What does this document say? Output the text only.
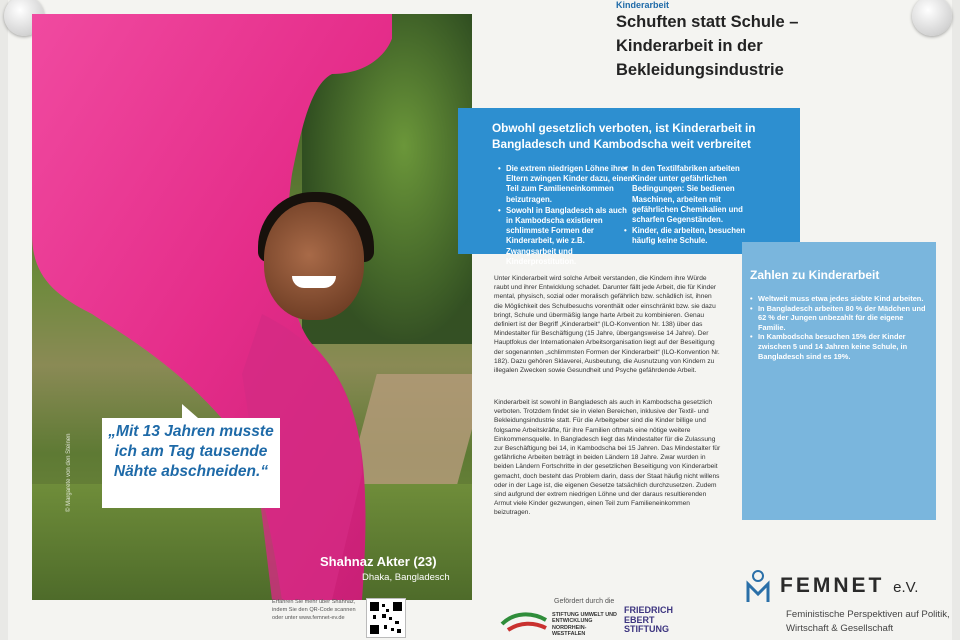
© Margarete von den Steinen
„Mit 13 Jahren musste ich am Tag tausende Nähte abschneiden.“
Shahnaz Akter (23)
Dhaka, Bangladesch
Kinderarbeit
Schuften statt Schule – Kinderarbeit in der Bekleidungsindustrie
Obwohl gesetzlich verboten, ist Kinderarbeit in Bangladesch und Kambodscha weit verbreitet
• Die extrem niedrigen Löhne ihrer Eltern zwingen Kinder dazu, einen Teil zum Familieneinkommen beizutragen.
• Sowohl in Bangladesch als auch in Kambodscha existieren schlimmste Formen der Kinderarbeit, wie z.B. Zwangsarbeit und Kinderprostitution.
• In den Textilfabriken arbeiten Kinder unter gefährlichen Bedingungen: Sie bedienen Maschinen, arbeiten mit gefährlichen Chemikalien und scharfen Gegenständen.
• Kinder, die arbeiten, besuchen häufig keine Schule.

Unter Kinderarbeit wird solche Arbeit verstanden, die Kindern ihre Würde raubt und ihrer Entwicklung schadet. Darunter fällt jede Arbeit, die für Kinder mental, physisch, sozial oder moralisch gefährlich bzw. schädlich ist, ihnen die Möglichkeit des Schulbesuchs vorenthält oder einschränkt bzw. sie dazu bringt, Schule und übermäßig lange harte Arbeit zu kombinieren. Genau definiert ist der Begriff „Kinderarbeit“ (ILO-Konvention Nr. 138) über das Mindestalter für Beschäftigung (15 Jahre, übergangsweise 14 Jahre). Der Hauptfokus der Internationalen Arbeitsorganisation liegt auf der Beseitigung der sogenannten „schlimmsten Formen der Kinderarbeit“ (ILO-Konvention Nr. 182). Dazu gehören Sklaverei, Ausbeutung, die Ausnutzung von Kindern zu illegalen Zwecken sowie Gesundheit und Psyche gefährdende Arbeit.

Kinderarbeit ist sowohl in Bangladesch als auch in Kambodscha gesetzlich verboten. Trotzdem findet sie in vielen Bereichen, inklusive der Textil- und Bekleidungsindustrie statt. Für die Arbeitgeber sind die Kinder billige und folgsame Arbeitskräfte, für ihre Familien oftmals eine nötige weitere Einkommensquelle. In Bangladesch liegt das Mindestalter für die Zulassung zur Beschäftigung bei 14, in Kambodscha bei 15 Jahren. Das Mindestalter für gefährliche Arbeiten beträgt in beiden Ländern 18 Jahre. Zwar wurden in beiden Ländern Fortschritte in der gesetzlichen Beseitigung von Kinderarbeit gemacht, doch besteht das Problem darin, dass der Staat häufig nicht willens oder in der Lage ist, die eigenen Gesetze tatsächlich durchzusetzen. Zudem sind aufgrund der extrem niedrigen Löhne und der daraus resultierenden Armut viele Kinder gezwungen, einen Teil zum Familieneinkommen beizutragen.

Zahlen zu Kinderarbeit
• Weltweit muss etwa jedes siebte Kind arbeiten.
• In Bangladesch arbeiten 80 % der Mädchen und 62 % der Jungen unbezahlt für die eigene Familie.
• In Kambodscha besuchen 15% der Kinder zwischen 5 und 14 Jahren keine Schule, in Bangladesch sind es 19%.
FEMNET e.V.
Feministische Perspektiven auf Politik, Wirtschaft & Gesellschaft
Erfahren Sie mehr über Shahnaz, indem Sie den QR-Code scannen oder unter www.femnet-ev.de
Gefördert durch die
STIFTUNG UMWELT UND ENTWICKLUNG NORDRHEIN-WESTFALEN
FRIEDRICH EBERT STIFTUNG
